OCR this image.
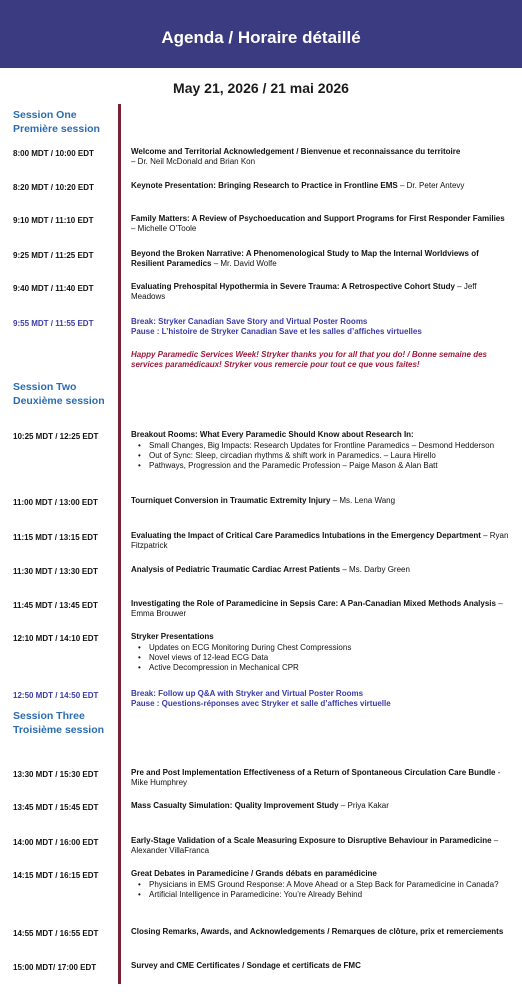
Agenda / Horaire détaillé
May 21, 2026 / 21 mai 2026
Session One
Première session
Session Two
Deuxième session
Session Three
Troisième session
8:00 MDT / 10:00 EDT	Welcome and Territorial Acknowledgement / Bienvenue et reconnaissance du territoire
– Dr. Neil McDonald and Brian Kon
8:20 MDT / 10:20 EDT	Keynote Presentation: Bringing Research to Practice in Frontline EMS – Dr. Peter Antevy
9:10 MDT / 11:10 EDT	Family Matters: A Review of Psychoeducation and Support Programs for First Responder Families – Michelle O’Toole
9:25 MDT / 11:25 EDT	Beyond the Broken Narrative: A Phenomenological Study to Map the Internal Worldviews of Resilient Paramedics – Mr. David Wolfe
9:40 MDT / 11:40 EDT	Evaluating Prehospital Hypothermia in Severe Trauma: A Retrospective Cohort Study – Jeff Meadows
9:55 MDT / 11:55 EDT	Break: Stryker Canadian Save Story and Virtual Poster Rooms
Pause : L’histoire de Stryker Canadian Save et les salles d’affiches virtuelles
Happy Paramedic Services Week! Stryker thanks you for all that you do! / Bonne semaine des services paramédicaux! Stryker vous remercie pour tout ce que vous faites!
10:25 MDT / 12:25 EDT	Breakout Rooms: What Every Paramedic Should Know about Research In:
• Small Changes, Big Impacts: Research Updates for Frontline Paramedics – Desmond Hedderson
• Out of Sync: Sleep, circadian rhythms & shift work in Paramedics. – Laura Hirello
• Pathways, Progression and the Paramedic Profession – Paige Mason & Alan Batt
11:00 MDT / 13:00 EDT	Tourniquet Conversion in Traumatic Extremity Injury – Ms. Lena Wang
11:15 MDT / 13:15 EDT	Evaluating the Impact of Critical Care Paramedics Intubations in the Emergency Department – Ryan Fitzpatrick
11:30 MDT / 13:30 EDT	Analysis of Pediatric Traumatic Cardiac Arrest Patients – Ms. Darby Green
11:45 MDT / 13:45 EDT	Investigating the Role of Paramedicine in Sepsis Care: A Pan-Canadian Mixed Methods Analysis – Emma Brouwer
12:10 MDT / 14:10 EDT	Stryker Presentations
• Updates on ECG Monitoring During Chest Compressions
• Novel views of 12-lead ECG Data
• Active Decompression in Mechanical CPR
12:50 MDT / 14:50 EDT	Break: Follow up Q&A with Stryker and Virtual Poster Rooms
Pause : Questions-réponses avec Stryker et salle d’affiches virtuelle
13:30 MDT / 15:30 EDT	Pre and Post Implementation Effectiveness of a Return of Spontaneous Circulation Care Bundle - Mike Humphrey
13:45 MDT / 15:45 EDT	Mass Casualty Simulation: Quality Improvement Study – Priya Kakar
14:00 MDT / 16:00 EDT	Early-Stage Validation of a Scale Measuring Exposure to Disruptive Behaviour in Paramedicine – Alexander VillaFranca
14:15 MDT / 16:15 EDT	Great Debates in Paramedicine / Grands débats en paramédicine
• Physicians in EMS Ground Response: A Move Ahead or a Step Back for Paramedicine in Canada?
• Artificial Intelligence in Paramedicine: You’re Already Behind
14:55 MDT / 16:55 EDT	Closing Remarks, Awards, and Acknowledgements / Remarques de clôture, prix et remerciements
15:00 MDT/ 17:00 EDT	Survey and CME Certificates / Sondage et certificats de FMC
